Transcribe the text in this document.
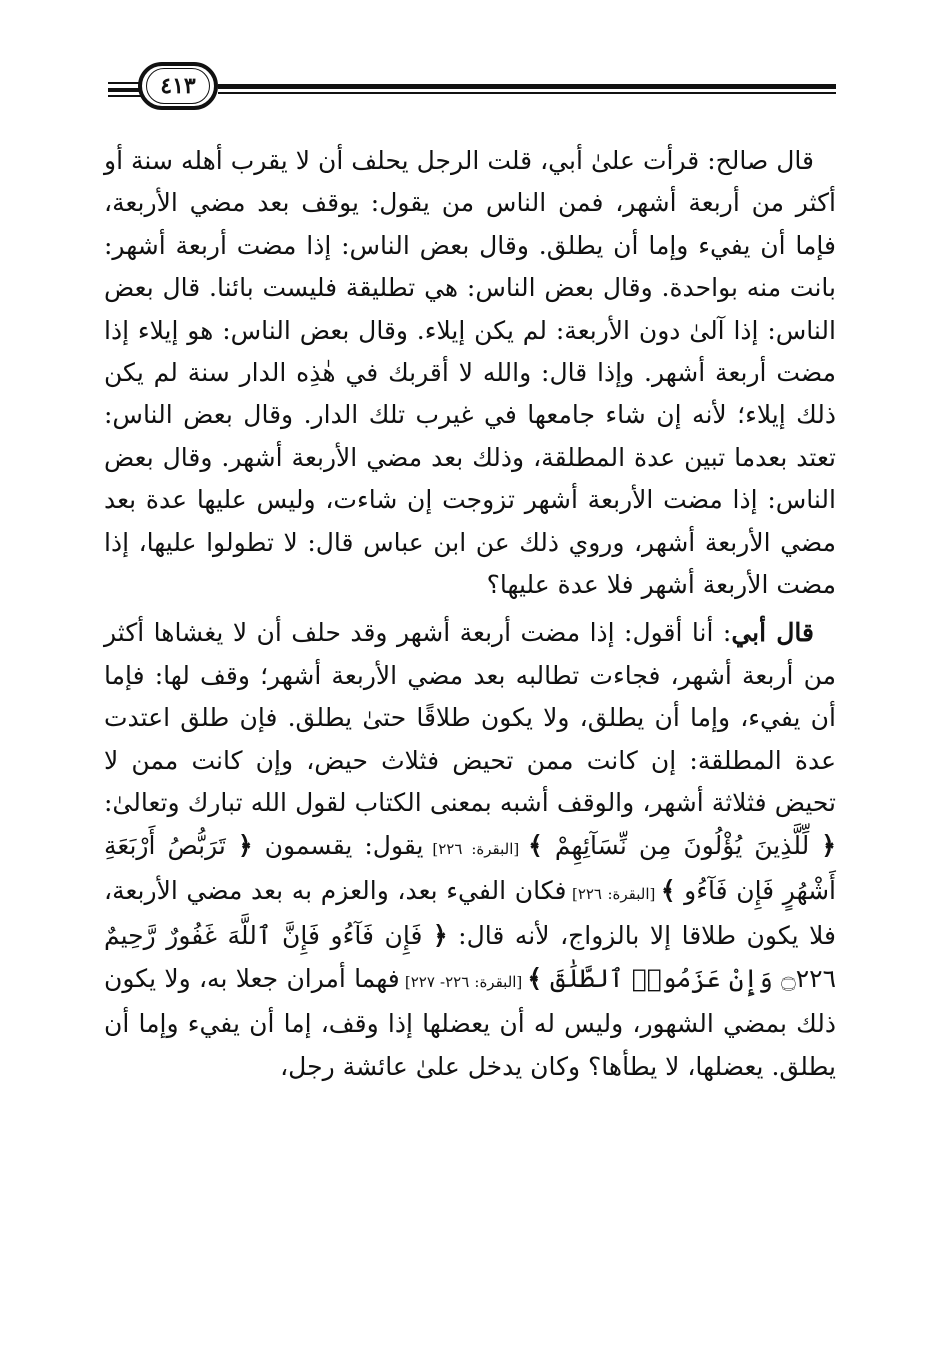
٤١٣

قال صالح: قرأت علىٰ أبي، قلت الرجل يحلف أن لا يقرب أهله سنة أو أكثر من أربعة أشهر، فمن الناس من يقول: يوقف بعد مضي الأربعة، فإما أن يفيء وإما أن يطلق. وقال بعض الناس: إذا مضت أربعة أشهر: بانت منه بواحدة. وقال بعض الناس: هي تطليقة فليست بائنا. قال بعض الناس: إذا آلىٰ دون الأربعة: لم يكن إيلاء. وقال بعض الناس: هو إيلاء إذا مضت أربعة أشهر. وإذا قال: والله لا أقربك في هٰذِه الدار سنة لم يكن ذلك إيلاء؛ لأنه إن شاء جامعها في غيرب تلك الدار. وقال بعض الناس: تعتد بعدما تبين عدة المطلقة، وذلك بعد مضي الأربعة أشهر. وقال بعض الناس: إذا مضت الأربعة أشهر تزوجت إن شاءت، وليس عليها عدة بعد مضي الأربعة أشهر، وروي ذلك عن ابن عباس قال: لا تطولوا عليها، إذا مضت الأربعة أشهر فلا عدة عليها؟

قال أبي: أنا أقول: إذا مضت أربعة أشهر وقد حلف أن لا يغشاها أكثر من أربعة أشهر، فجاءت تطالبه بعد مضي الأربعة أشهر؛ وقف لها: فإما أن يفيء، وإما أن يطلق، ولا يكون طلاقًا حتىٰ يطلق. فإن طلق اعتدت عدة المطلقة: إن كانت ممن تحيض فثلاث حيض، وإن كانت ممن لا تحيض فثلاثة أشهر، والوقف أشبه بمعنى الكتاب لقول الله تبارك وتعالىٰ: ﴿ لِّلَّذِينَ يُؤْلُونَ مِن نِّسَآئِهِمْ ﴾ [البقرة: ٢٢٦] يقول: يقسمون ﴿ تَرَبُّصُ أَرْبَعَةِ أَشْهُرٍ فَإِن فَآءُو ﴾ [البقرة: ٢٢٦] فكان الفيء بعد، والعزم به بعد مضي الأربعة، فلا يكون طلاقا إلا بالزواج، لأنه قال: ﴿ فَإِن فَآءُو فَإِنَّ ٱللَّهَ غَفُورٌ رَّحِيمٌ ۝٢٢٦ وَإِنْ عَزَمُوا۟ ٱلطَّلَٰقَ ﴾ [البقرة: ٢٢٦- ٢٢٧] فهما أمران جعلا به، ولا يكون ذلك بمضي الشهور، وليس له أن يعضلها إذا وقف، إما أن يفيء وإما أن يطلق. يعضلها، لا يطأها؟ وكان يدخل علىٰ عائشة رجل،
